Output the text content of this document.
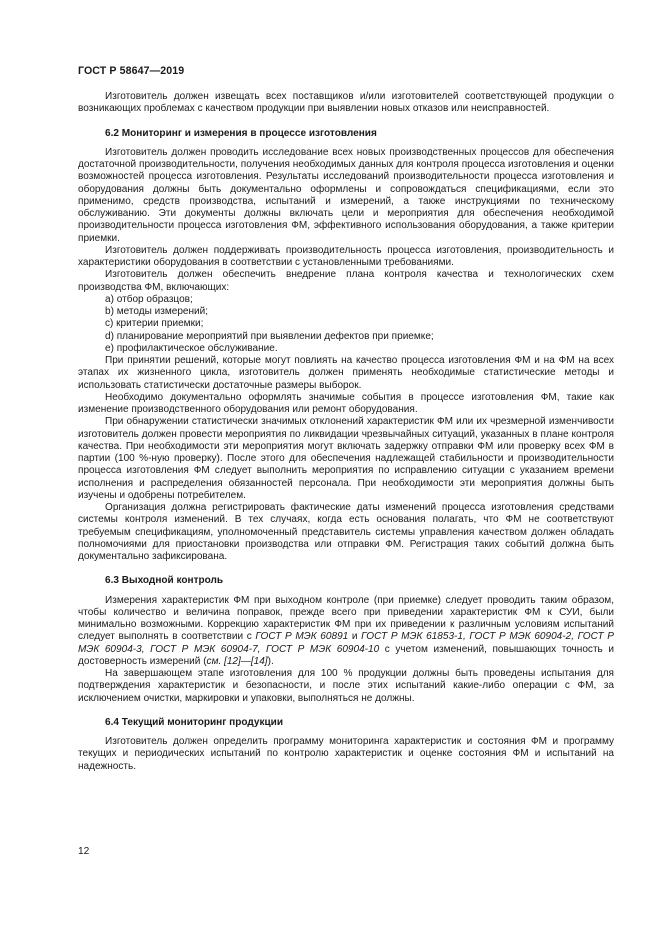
ГОСТ Р 58647—2019

Изготовитель должен извещать всех поставщиков и/или изготовителей соответствующей продукции о возникающих проблемах с качеством продукции при выявлении новых отказов или неисправностей.

6.2 Мониторинг и измерения в процессе изготовления

Изготовитель должен проводить исследование всех новых производственных процессов для обеспечения достаточной производительности, получения необходимых данных для контроля процесса изготовления и оценки возможностей процесса изготовления. Результаты исследований производительности процесса изготовления и оборудования должны быть документально оформлены и сопровождаться спецификациями, если это применимо, средств производства, испытаний и измерений, а также инструкциями по техническому обслуживанию. Эти документы должны включать цели и мероприятия для обеспечения необходимой производительности процесса изготовления ФМ, эффективного использования оборудования, а также критерии приемки.

Изготовитель должен поддерживать производительность процесса изготовления, производительность и характеристики оборудования в соответствии с установленными требованиями.

Изготовитель должен обеспечить внедрение плана контроля качества и технологических схем производства ФМ, включающих:

a) отбор образцов;

b) методы измерений;

c) критерии приемки;

d) планирование мероприятий при выявлении дефектов при приемке;

e) профилактическое обслуживание.

При принятии решений, которые могут повлиять на качество процесса изготовления ФМ и на ФМ на всех этапах их жизненного цикла, изготовитель должен применять необходимые статистические методы и использовать статистически достаточные размеры выборок.

Необходимо документально оформлять значимые события в процессе изготовления ФМ, такие как изменение производственного оборудования или ремонт оборудования.

При обнаружении статистически значимых отклонений характеристик ФМ или их чрезмерной изменчивости изготовитель должен провести мероприятия по ликвидации чрезвычайных ситуаций, указанных в плане контроля качества. При необходимости эти мероприятия могут включать задержку отправки ФМ или проверку всех ФМ в партии (100 %-ную проверку). После этого для обеспечения надлежащей стабильности и производительности процесса изготовления ФМ следует выполнить мероприятия по исправлению ситуации с указанием времени исполнения и распределения обязанностей персонала. При необходимости эти мероприятия должны быть изучены и одобрены потребителем.

Организация должна регистрировать фактические даты изменений процесса изготовления средствами системы контроля изменений. В тех случаях, когда есть основания полагать, что ФМ не соответствуют требуемым спецификациям, уполномоченный представитель системы управления качеством должен обладать полномочиями для приостановки производства или отправки ФМ. Регистрация таких событий должна быть документально зафиксирована.

6.3 Выходной контроль

Измерения характеристик ФМ при выходном контроле (при приемке) следует проводить таким образом, чтобы количество и величина поправок, прежде всего при приведении характеристик ФМ к СУИ, были минимально возможными. Коррекцию характеристик ФМ при их приведении к различным условиям испытаний следует выполнять в соответствии с ГОСТ Р МЭК 60891 и ГОСТ Р МЭК 61853-1, ГОСТ Р МЭК 60904-2, ГОСТ Р МЭК 60904-3, ГОСТ Р МЭК 60904-7, ГОСТ Р МЭК 60904-10 с учетом изменений, повышающих точность и достоверность измерений (см. [12]—[14]).

На завершающем этапе изготовления для 100 % продукции должны быть проведены испытания для подтверждения характеристик и безопасности, и после этих испытаний какие-либо операции с ФМ, за исключением очистки, маркировки и упаковки, выполняться не должны.

6.4 Текущий мониторинг продукции

Изготовитель должен определить программу мониторинга характеристик и состояния ФМ и программу текущих и периодических испытаний по контролю характеристик и оценке состояния ФМ и испытаний на надежность.

12
